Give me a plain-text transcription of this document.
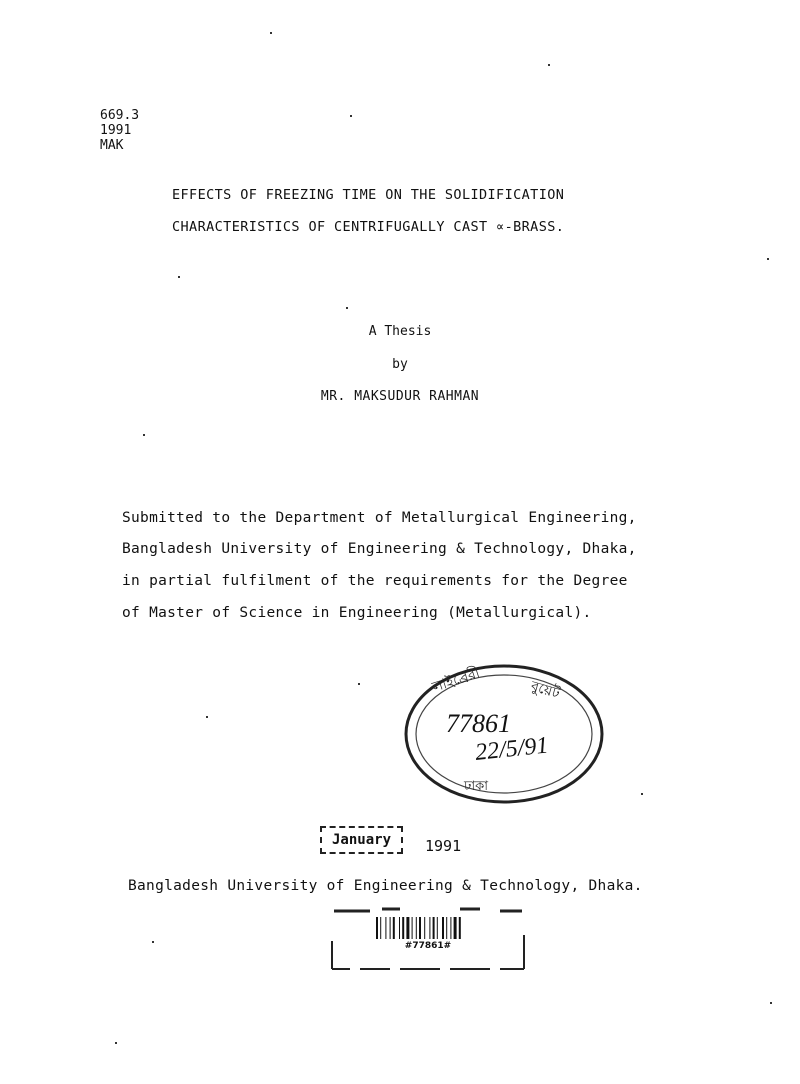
669.3
1991
MAK
EFFECTS OF FREEZING TIME ON THE SOLIDIFICATION
CHARACTERISTICS OF CENTRIFUGALLY CAST ∝-BRASS.
A Thesis
by
MR. MAKSUDUR RAHMAN
Submitted to the Department of Metallurgical Engineering,
Bangladesh University of Engineering & Technology, Dhaka,
in partial fulfilment of the requirements for the Degree
of Master of Science in Engineering (Metallurgical).
লাইব্রেরী	বুয়েট
ঢাকা
77861
22/5/91
January	1991
Bangladesh University of Engineering & Technology, Dhaka.
#77861#
